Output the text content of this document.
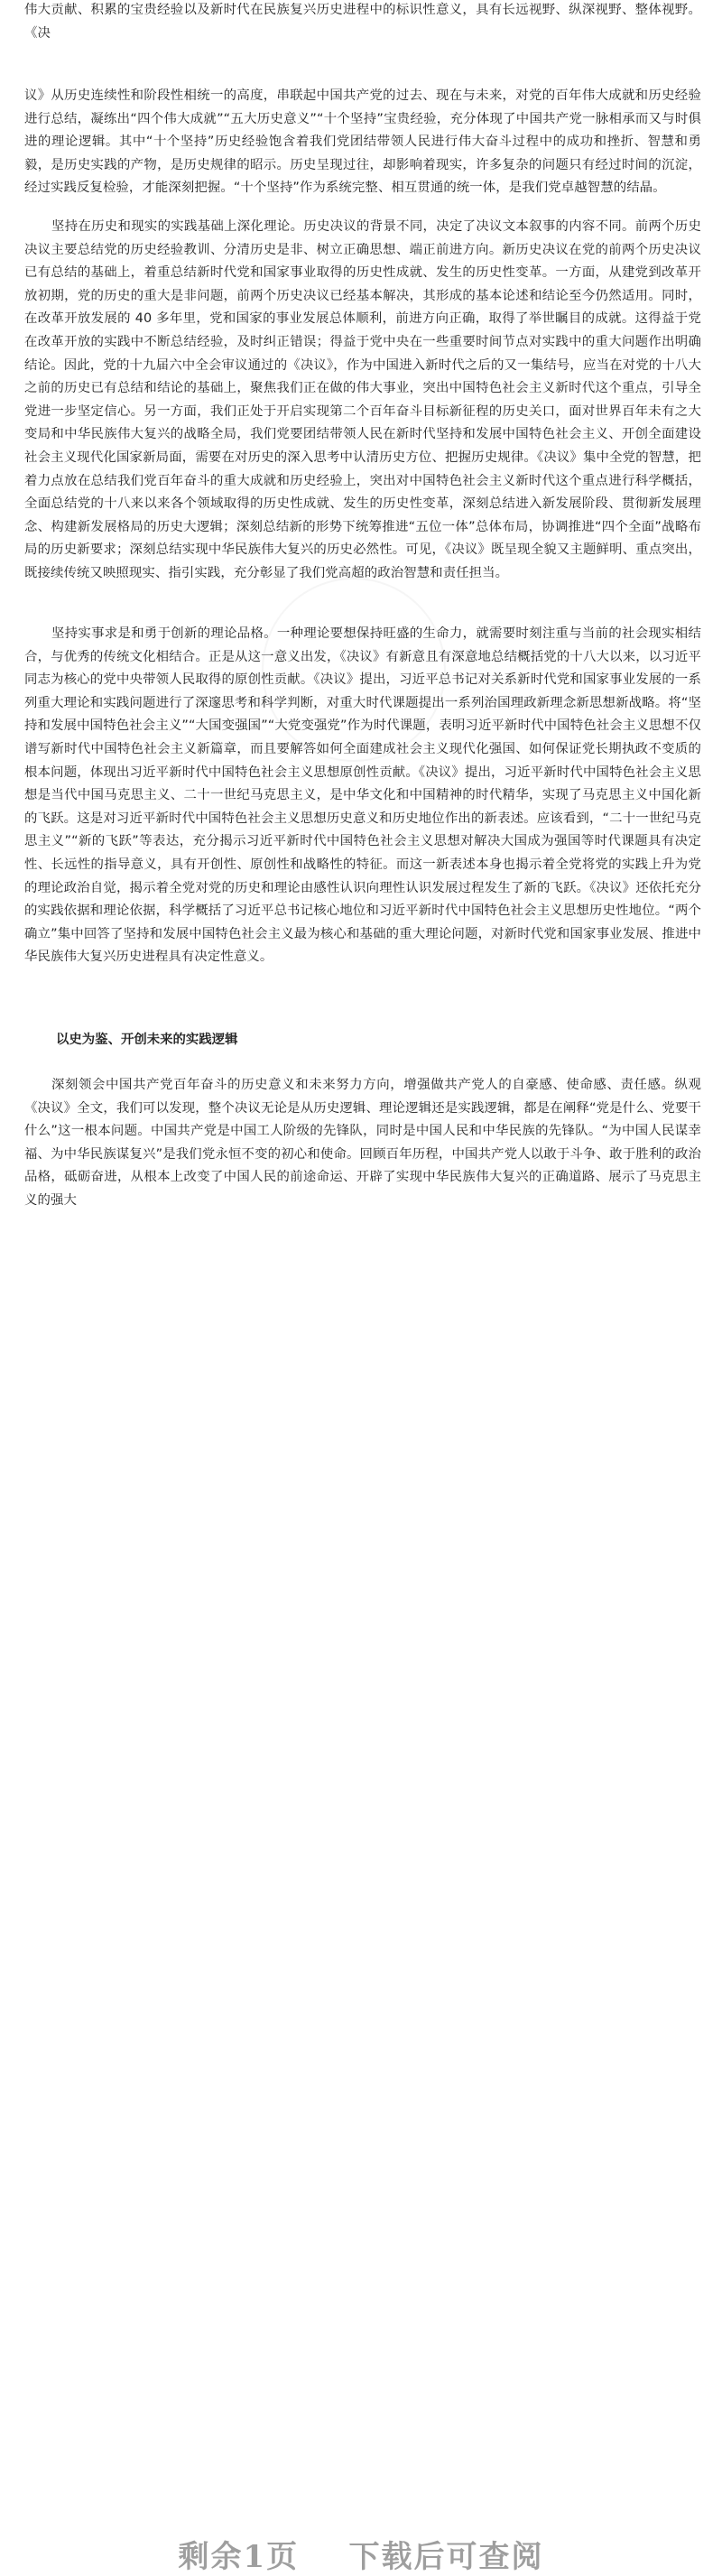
伟大贡献、积累的宝贵经验以及新时代在民族复兴历史进程中的标识性意义，具有长远视野、纵深视野、整体视野。《决

议》从历史连续性和阶段性相统一的高度，串联起中国共产党的过去、现在与未来，对党的百年伟大成就和历史经验进行总结，凝练出“四个伟大成就”“五大历史意义”“十个坚持”宝贵经验，充分体现了中国共产党一脉相承而又与时俱进的理论逻辑。其中“十个坚持”历史经验饱含着我们党团结带领人民进行伟大奋斗过程中的成功和挫折、智慧和勇毅，是历史实践的产物，是历史规律的昭示。历史呈现过往，却影响着现实，许多复杂的问题只有经过时间的沉淀，经过实践反复检验，才能深刻把握。“十个坚持”作为系统完整、相互贯通的统一体，是我们党卓越智慧的结晶。

坚持在历史和现实的实践基础上深化理论。历史决议的背景不同，决定了决议文本叙事的内容不同。前两个历史决议主要总结党的历史经验教训、分清历史是非、树立正确思想、端正前进方向。新历史决议在党的前两个历史决议已有总结的基础上，着重总结新时代党和国家事业取得的历史性成就、发生的历史性变革。一方面，从建党到改革开放初期，党的历史的重大是非问题，前两个历史决议已经基本解决，其形成的基本论述和结论至今仍然适用。同时，在改革开放发展的 40 多年里，党和国家的事业发展总体顺利，前进方向正确，取得了举世瞩目的成就。这得益于党在改革开放的实践中不断总结经验，及时纠正错误；得益于党中央在一些重要时间节点对实践中的重大问题作出明确结论。因此，党的十九届六中全会审议通过的《决议》，作为中国进入新时代之后的又一集结号，应当在对党的十八大之前的历史已有总结和结论的基础上，聚焦我们正在做的伟大事业，突出中国特色社会主义新时代这个重点，引导全党进一步坚定信心。另一方面，我们正处于开启实现第二个百年奋斗目标新征程的历史关口，面对世界百年未有之大变局和中华民族伟大复兴的战略全局，我们党要团结带领人民在新时代坚持和发展中国特色社会主义、开创全面建设社会主义现代化国家新局面，需要在对历史的深入思考中认清历史方位、把握历史规律。《决议》集中全党的智慧，把着力点放在总结我们党百年奋斗的重大成就和历史经验上，突出对中国特色社会主义新时代这个重点进行科学概括，全面总结党的十八来以来各个领域取得的历史性成就、发生的历史性变革，深刻总结进入新发展阶段、贯彻新发展理念、构建新发展格局的历史大逻辑；深刻总结新的形势下统筹推进“五位一体”总体布局，协调推进“四个全面”战略布局的历史新要求；深刻总结实现中华民族伟大复兴的历史必然性。可见，《决议》既呈现全貌又主题鲜明、重点突出，既接续传统又映照现实、指引实践，充分彰显了我们党高超的政治智慧和责任担当。

坚持实事求是和勇于创新的理论品格。一种理论要想保持旺盛的生命力，就需要时刻注重与当前的社会现实相结合，与优秀的传统文化相结合。正是从这一意义出发，《决议》有新意且有深意地总结概括党的十八大以来，以习近平同志为核心的党中央带领人民取得的原创性贡献。《决议》提出，习近平总书记对关系新时代党和国家事业发展的一系列重大理论和实践问题进行了深邃思考和科学判断，对重大时代课题提出一系列治国理政新理念新思想新战略。将“坚持和发展中国特色社会主义”“大国变强国”“大党变强党”作为时代课题，表明习近平新时代中国特色社会主义思想不仅谱写新时代中国特色社会主义新篇章，而且要解答如何全面建成社会主义现代化强国、如何保证党长期执政不变质的根本问题，体现出习近平新时代中国特色社会主义思想原创性贡献。《决议》提出，习近平新时代中国特色社会主义思想是当代中国马克思主义、二十一世纪马克思主义，是中华文化和中国精神的时代精华，实现了马克思主义中国化新的飞跃。这是对习近平新时代中国特色社会主义思想历史意义和历史地位作出的新表述。应该看到，“二十一世纪马克思主义”“新的飞跃”等表达，充分揭示习近平新时代中国特色社会主义思想对解决大国成为强国等时代课题具有决定性、长远性的指导意义，具有开创性、原创性和战略性的特征。而这一新表述本身也揭示着全党将党的实践上升为党的理论政治自觉，揭示着全党对党的历史和理论由感性认识向理性认识发展过程发生了新的飞跃。《决议》还依托充分的实践依据和理论依据，科学概括了习近平总书记核心地位和习近平新时代中国特色社会主义思想历史性地位。“两个确立”集中回答了坚持和发展中国特色社会主义最为核心和基础的重大理论问题，对新时代党和国家事业发展、推进中华民族伟大复兴历史进程具有决定性意义。

以史为鉴、开创未来的实践逻辑

深刻领会中国共产党百年奋斗的历史意义和未来努力方向，增强做共产党人的自豪感、使命感、责任感。纵观《决议》全文，我们可以发现，整个决议无论是从历史逻辑、理论逻辑还是实践逻辑，都是在阐释“党是什么、党要干什么”这一根本问题。中国共产党是中国工人阶级的先锋队，同时是中国人民和中华民族的先锋队。“为中国人民谋幸福、为中华民族谋复兴”是我们党永恒不变的初心和使命。回顾百年历程，中国共产党人以敢于斗争、敢于胜利的政治品格，砥砺奋进，从根本上改变了中国人民的前途命运、开辟了实现中华民族伟大复兴的正确道路、展示了马克思主义的强大

剩余1页 下载后可查阅
